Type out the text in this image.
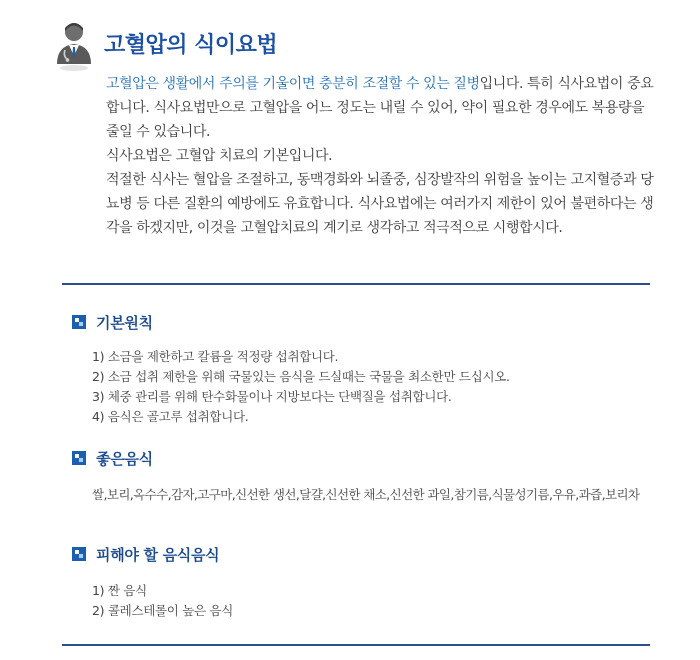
고혈압의 식이요법

고혈압은 생활에서 주의를 기울이면 충분히 조절할 수 있는 질병입니다. 특히 식사요법이 중요합니다. 식사요법만으로 고혈압을 어느 정도는 내릴 수 있어, 약이 필요한 경우에도 복용량을 줄일 수 있습니다.

식사요법은 고혈압 치료의 기본입니다.

적절한 식사는 혈압을 조절하고, 동맥경화와 뇌졸중, 심장발작의 위험을 높이는 고지혈증과 당뇨병 등 다른 질환의 예방에도 유효합니다. 식사요법에는 여러가지 제한이 있어 불편하다는 생각을 하겠지만, 이것을 고혈압치료의 계기로 생각하고 적극적으로 시행합시다.

기본원칙
1) 소금을 제한하고 칼륨을 적정량 섭취합니다.
2) 소금 섭취 제한을 위해 국물있는 음식을 드실때는 국물을 최소한만 드십시오.
3) 체중 관리를 위해 탄수화물이나 지방보다는 단백질을 섭취합니다.
4) 음식은 골고루 섭취합니다.
좋은음식
쌀,보리,옥수수,감자,고구마,신선한 생선,달걀,신선한 채소,신선한 과일,참기름,식물성기름,우유,과즙,보리차
피해야 할 음식음식
1) 짠 음식
2) 콜레스테롤이 높은 음식
